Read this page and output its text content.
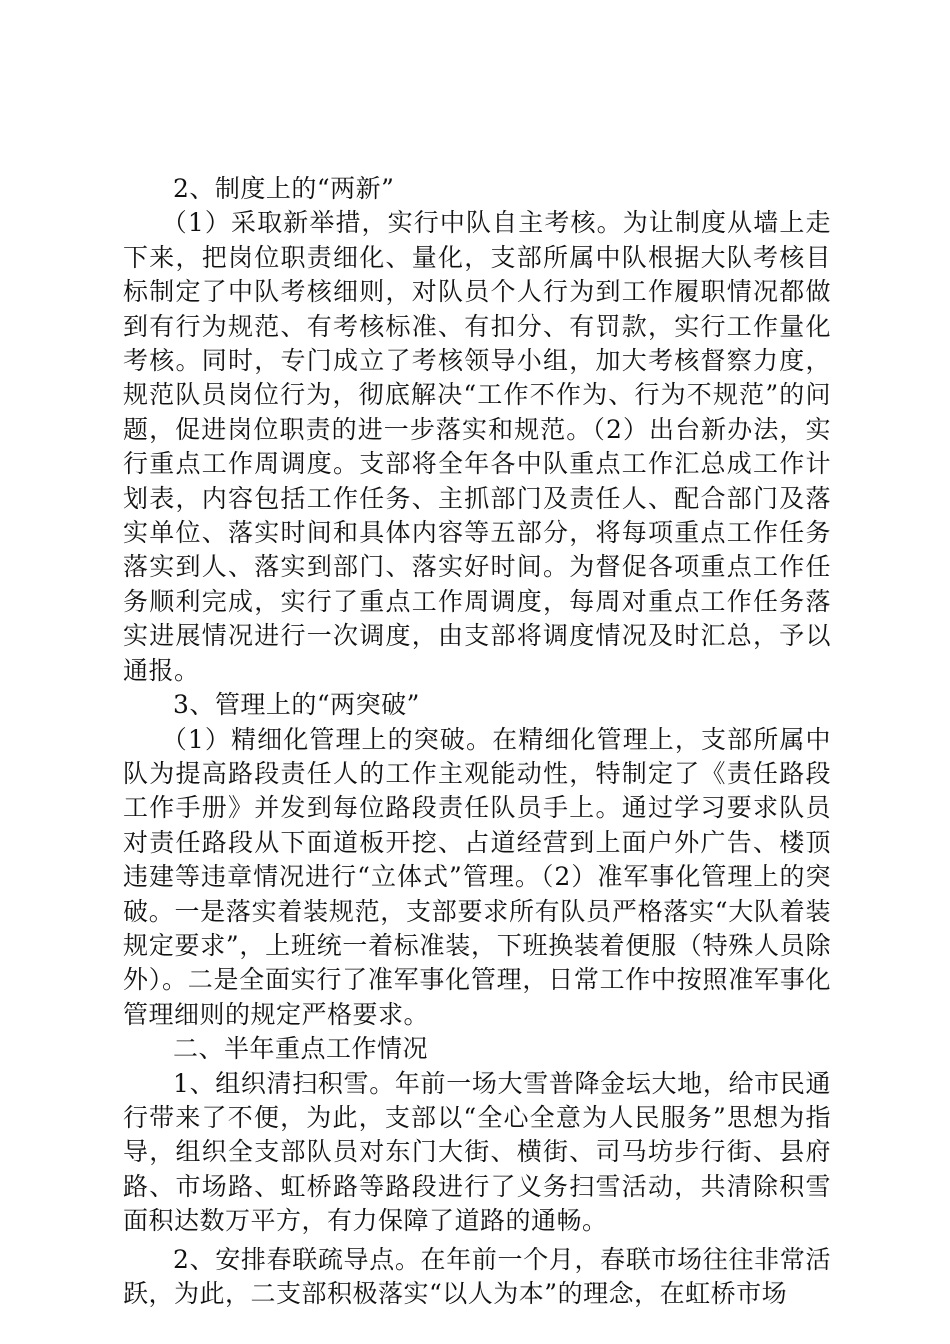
2、制度上的“两新”

（1）采取新举措，实行中队自主考核。为让制度从墙上走下来，把岗位职责细化、量化，支部所属中队根据大队考核目标制定了中队考核细则，对队员个人行为到工作履职情况都做到有行为规范、有考核标准、有扣分、有罚款，实行工作量化考核。同时，专门成立了考核领导小组，加大考核督察力度，规范队员岗位行为，彻底解决“工作不作为、行为不规范”的问题，促进岗位职责的进一步落实和规范。（2）出台新办法，实行重点工作周调度。支部将全年各中队重点工作汇总成工作计划表，内容包括工作任务、主抓部门及责任人、配合部门及落实单位、落实时间和具体内容等五部分，将每项重点工作任务落实到人、落实到部门、落实好时间。为督促各项重点工作任务顺利完成，实行了重点工作周调度，每周对重点工作任务落实进展情况进行一次调度，由支部将调度情况及时汇总，予以通报。

3、管理上的“两突破”

（1）精细化管理上的突破。在精细化管理上，支部所属中队为提高路段责任人的工作主观能动性，特制定了《责任路段工作手册》并发到每位路段责任队员手上。通过学习要求队员对责任路段从下面道板开挖、占道经营到上面户外广告、楼顶违建等违章情况进行“立体式”管理。（2）准军事化管理上的突破。一是落实着装规范，支部要求所有队员严格落实“大队着装规定要求”，上班统一着标准装，下班换装着便服（特殊人员除外）。二是全面实行了准军事化管理，日常工作中按照准军事化管理细则的规定严格要求。

二、半年重点工作情况

1、组织清扫积雪。年前一场大雪普降金坛大地，给市民通行带来了不便，为此，支部以“全心全意为人民服务”思想为指导，组织全支部队员对东门大街、横街、司马坊步行街、县府路、市场路、虹桥路等路段进行了义务扫雪活动，共清除积雪面积达数万平方，有力保障了道路的通畅。

2、安排春联疏导点。在年前一个月，春联市场往往非常活跃，为此，二支部积极落实“以人为本”的理念，在虹桥市场
